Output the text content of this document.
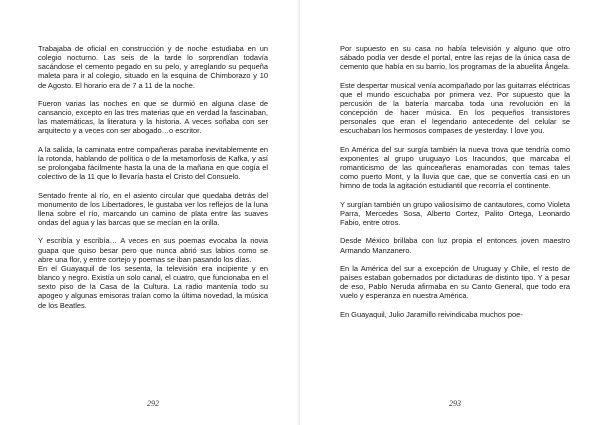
Trabajaba de oficial en construcción y de noche estudiaba en un colegio nocturno. Las seis de la tarde lo sorprendían todavía sacándose el cemento pegado en su pelo, y arreglando su pequeña maleta para ir al colegio, situado en la esquina de Chimborazo y 10 de Agosto. El horario era de 7 a 11 de la noche.

Fueron varias las noches en que se durmió en alguna clase de cansancio, excepto en las tres materias que en verdad la fascinaban, las matemáticas, la literatura y la historia. A veces soñaba con ser arquitecto y a veces con ser abogado…o escritor.

A la salida, la caminata entre compañeras paraba inevitablemente en la rotonda, hablando de política o de la metamorfosis de Kafka, y así se prolongaba fácilmente hasta la una de la mañana en que cogía el colectivo de la 11 que lo llevaría hasta el Cristo del Consuelo.

Sentado frente al río, en el asiento circular que quedaba detrás del monumento de los Libertadores, le gustaba ver los reflejos de la luna llena sobre el río, marcando un camino de plata entre las suaves ondas del agua y las barcas que se mecían en la orilla.

Y escribía y escribía… A veces en sus poemas evocaba la novia guapa que quiso besar pero que nunca abrió sus labios como se abre una flor, y entre cortejo y poemas se iban pasando los días.

En el Guayaquil de los sesenta, la televisión era incipiente y en blanco y negro. Existía un solo canal, el cuatro, que funcionaba en el sexto piso de la Casa de la Cultura. La radio mantenía todo su apogeo y algunas emisoras traían como la última novedad, la música de los Beatles.

292

Por supuesto en su casa no había televisión y alguno que otro sábado podía ver desde el portal, entre las rejas de la única casa de cemento que había en su barrio, los programas de la abuelita Ángela.

Este despertar musical venía acompañado por las guitarras eléctricas que el mundo escuchaba por primera vez. Por supuesto que la percusión de la batería marcaba toda una revolución en la concepción de hacer música. En los pequeños transistores personales que eran el legendario antecedente del celular se escuchaban los hermosos compases de yesterday. I love you.

En América del sur surgía también la nueva trova que tendría como exponentes al grupo uruguayo Los Iracundos, que marcaba el romanticismo de las quinceañeras enamoradas con temas tales como puerto Mont, y la lluvia que cae, que se convertía casi en un himno de toda la agitación estudiantil que recorría el continente.

Y surgían también un grupo valiosísimo de cantautores, como Violeta Parra, Mercedes Sosa, Alberto Cortez, Palito Ortega, Leonardo Fabio, entre otros.

Desde México brillaba con luz propia el entonces joven maestro Armando Manzanero.

En la América del sur a excepción de Uruguay y Chile, el resto de países estaban gobernados por dictaduras de distinto tipo. Y a pesar de eso, Pablo Neruda afirmaba en su Canto General, que todo era vuelo y esperanza en nuestra América.

En Guayaquil, Julio Jaramillo reivindicaba muchos poe-

293
